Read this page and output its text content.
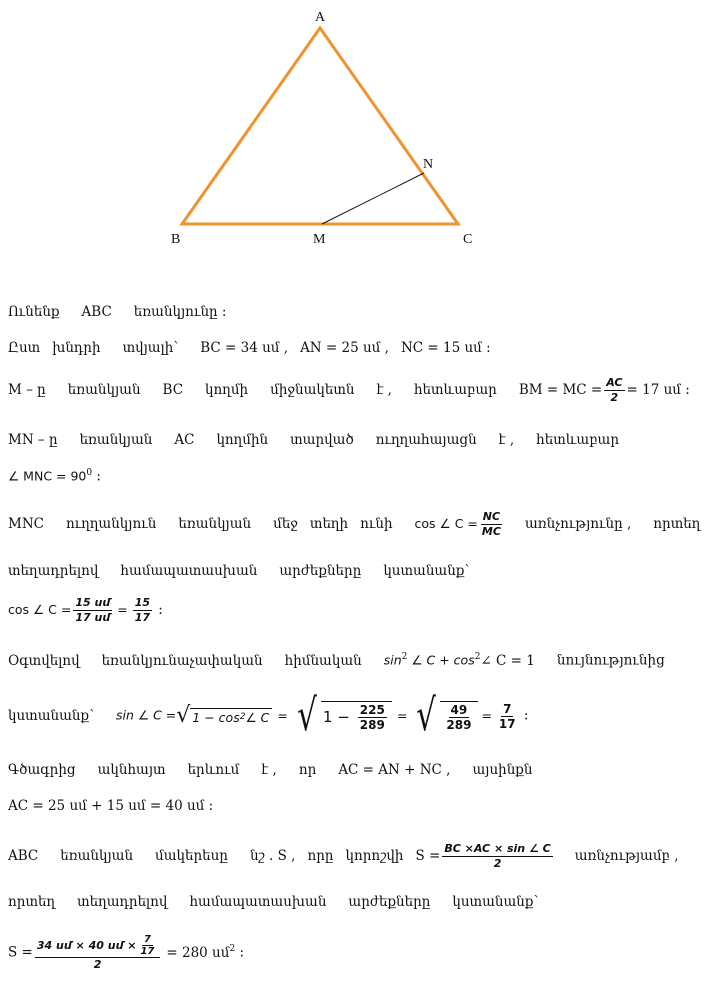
A
B	M	C
N
Ունենք ABC եռանկյունը :
Ըստ խնդրի տվյալի՝ BC = 34 սմ , AN = 25 սմ , NC = 15 սմ :
M – ը եռանկյան BC կողմի միջնակետն է , հետևաբար BM = MC = $\frac{AC}{2} = 17$ սմ :
MN – ը եռանկյան AC կողմին տարված ուղղահայացն է , հետևաբար
∠ MNC = $90^0$ :
MNC ուղղանկյուն եռանկյան մեջ տեղի ունի cos ∠ $C = \frac{NC}{MC}$ առնչությունը , որտեղ
տեղադրելով համապատասխան արժեքները կստանանք՝
cos ∠ $C = \frac{\text{15 սմ}}{\text{17 սմ}} = \frac{15}{17}$ :
Օգտվելով եռանկյունաչափական հիմնական $\sin^2$ ∠ $C + \cos^2\angle$ C = 1 նույնությունից
կստանանք՝ sin ∠ C = √ 1 − cos 2 ∠ C = √ $1 - \frac{225}{289}$ = √ $\frac{49}{289} = \frac{7}{17}$ :
Գծագրից ակնհայտ երևում է , որ AC = AN + NC , այսինքն
AC = 25 սմ + 15 սմ = 40 սմ :
ABC եռանկյան մակերեսը նշ . S , որը կորոշվի $S = \frac{BC \times AC \times \sin \angle C}{2}$ առնչությամբ ,
որտեղ տեղադրելով համապատասխան արժեքները կստանանք՝
$S = \frac{34 սմ \times 40 սմ \times \frac{7}{17}}{2} = 280$ սմ$^2$ :
